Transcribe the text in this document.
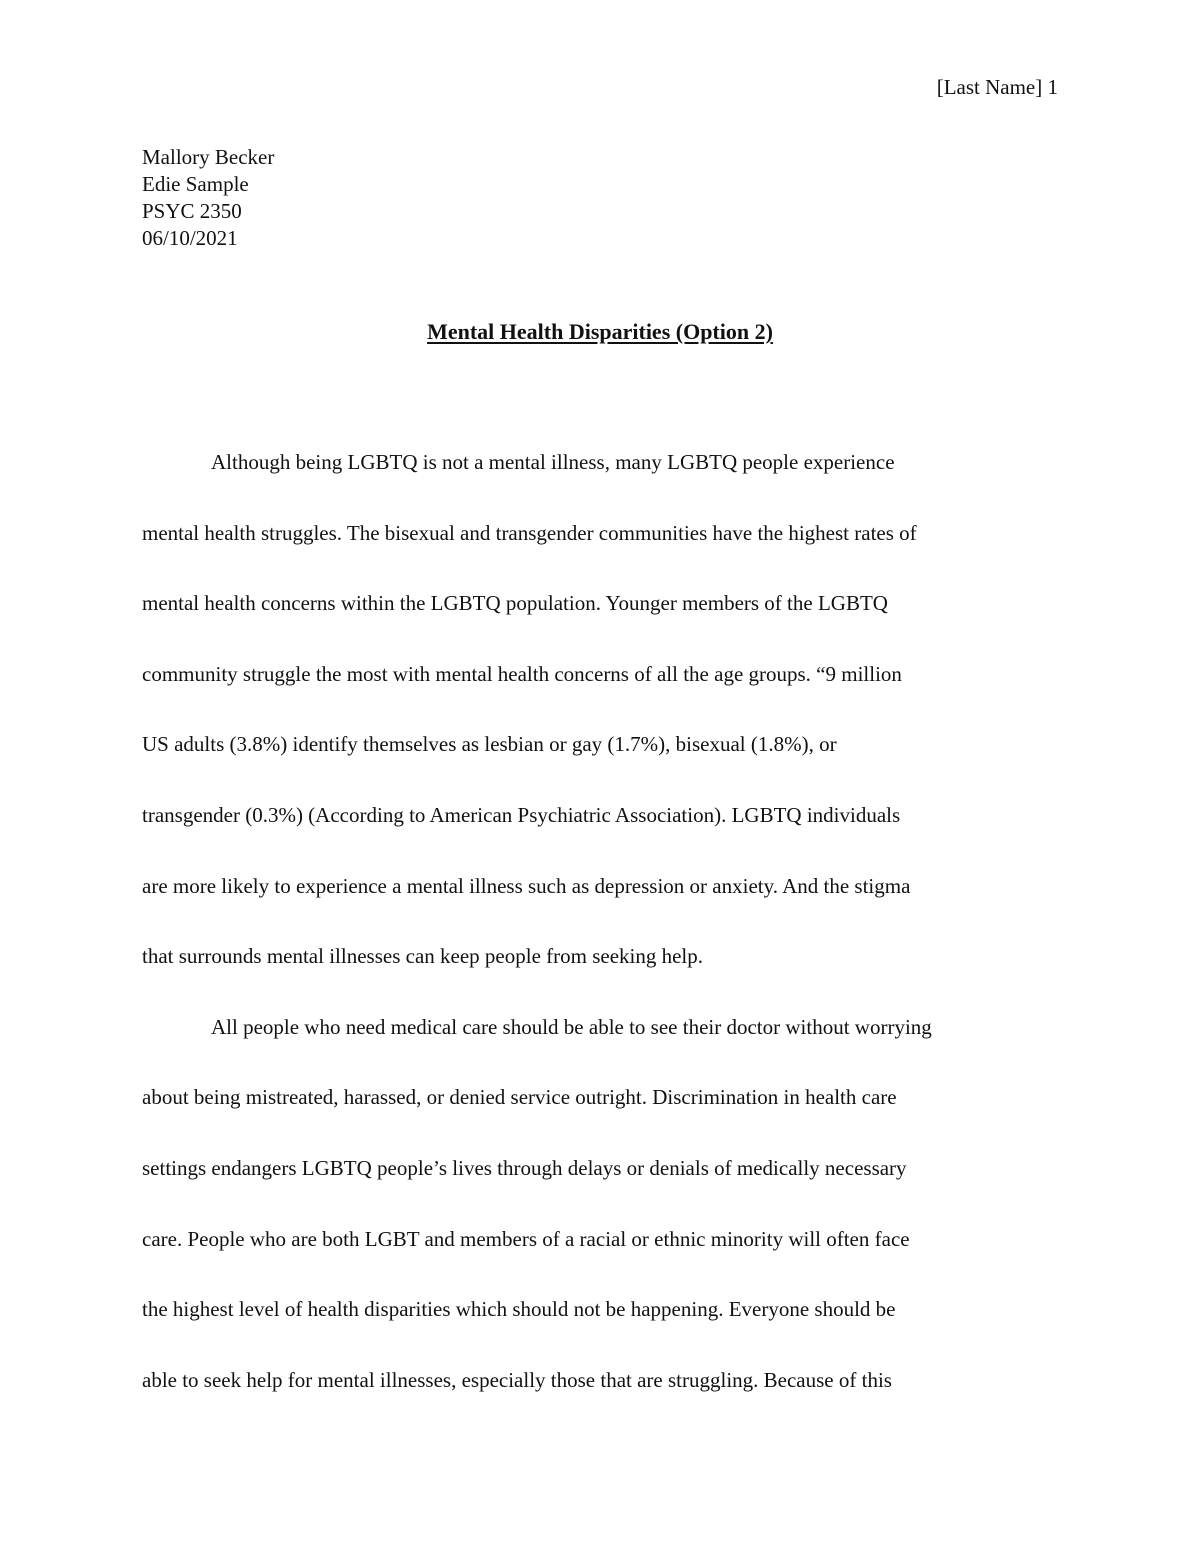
[Last Name] 1
Mallory Becker
Edie Sample
PSYC 2350
06/10/2021
Mental Health Disparities (Option 2)
Although being LGBTQ is not a mental illness, many LGBTQ people experience
mental health struggles. The bisexual and transgender communities have the highest rates of
mental health concerns within the LGBTQ population. Younger members of the LGBTQ
community struggle the most with mental health concerns of all the age groups. “9 million
US adults (3.8%) identify themselves as lesbian or gay (1.7%), bisexual (1.8%), or
transgender (0.3%) (According to American Psychiatric Association). LGBTQ individuals
are more likely to experience a mental illness such as depression or anxiety. And the stigma
that surrounds mental illnesses can keep people from seeking help.
All people who need medical care should be able to see their doctor without worrying
about being mistreated, harassed, or denied service outright. Discrimination in health care
settings endangers LGBTQ people’s lives through delays or denials of medically necessary
care. People who are both LGBT and members of a racial or ethnic minority will often face
the highest level of health disparities which should not be happening. Everyone should be
able to seek help for mental illnesses, especially those that are struggling. Because of this
